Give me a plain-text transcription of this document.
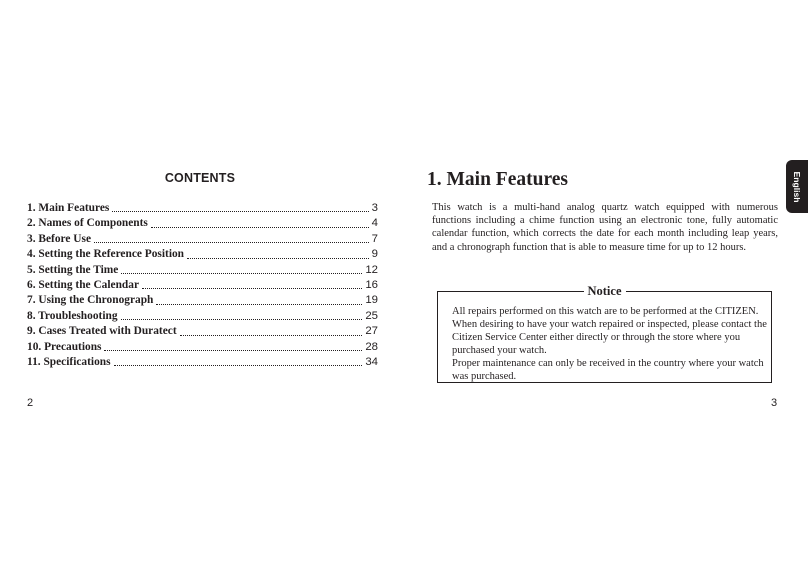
CONTENTS
1. Main Features	3
2. Names of Components	4
3. Before Use	7
4. Setting the Reference Position	9
5. Setting the Time	12
6. Setting the Calendar	16
7. Using the Chronograph	19
8. Troubleshooting	25
9. Cases Treated with Duratect	27
10. Precautions	28
11. Specifications	34
2
1. Main Features	English
This watch is a multi-hand analog quartz watch equipped with numerous functions including a chime function using an electronic tone, fully automatic calendar function, which corrects the date for each month including leap years, and a chronograph function that is able to measure time for up to 12 hours.
Notice

All repairs performed on this watch are to be performed at the CITIZEN. When desiring to have your watch repaired or inspected, please contact the Citizen Service Center either directly or through the store where you purchased your watch.

Proper maintenance can only be received in the country where your watch was purchased.

3
